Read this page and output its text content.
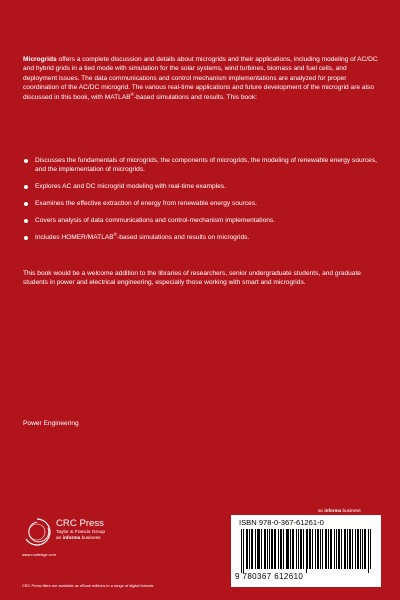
Microgrids offers a complete discussion and details about microgrids and their applications, including modeling of AC/DC and hybrid grids in a tied mode with simulation for the solar systems, wind turbines, biomass and fuel cells, and deployment issues. The data communications and control mechanism implementations are analyzed for proper coordination of the AC/DC microgrid. The various real-time applications and future development of the microgrid are also discussed in this book, with MATLAB®-based simulations and results. This book:

Discusses the fundamentals of microgrids, the components of microgrids, the modeling of renewable energy sources, and the implementation of microgrids.
Explores AC and DC microgrid modeling with real-time examples.
Examines the effective extraction of energy from renewable energy sources.
Covers analysis of data communications and control-mechanism implementations.
Includes HOMER/MATLAB®-based simulations and results on microgrids.

This book would be a welcome addition to the libraries of researchers, senior undergraduate students, and graduate students in power and electrical engineering, especially those working with smart and microgrids.

Power Engineering

an informa business
ISBN 978-0-367-61261-0
9 780367 612610
CRC Press
Taylor & Francis Group
an informa business
www.routledge.com
CRC Press titles are available as eBook editions in a range of digital formats
